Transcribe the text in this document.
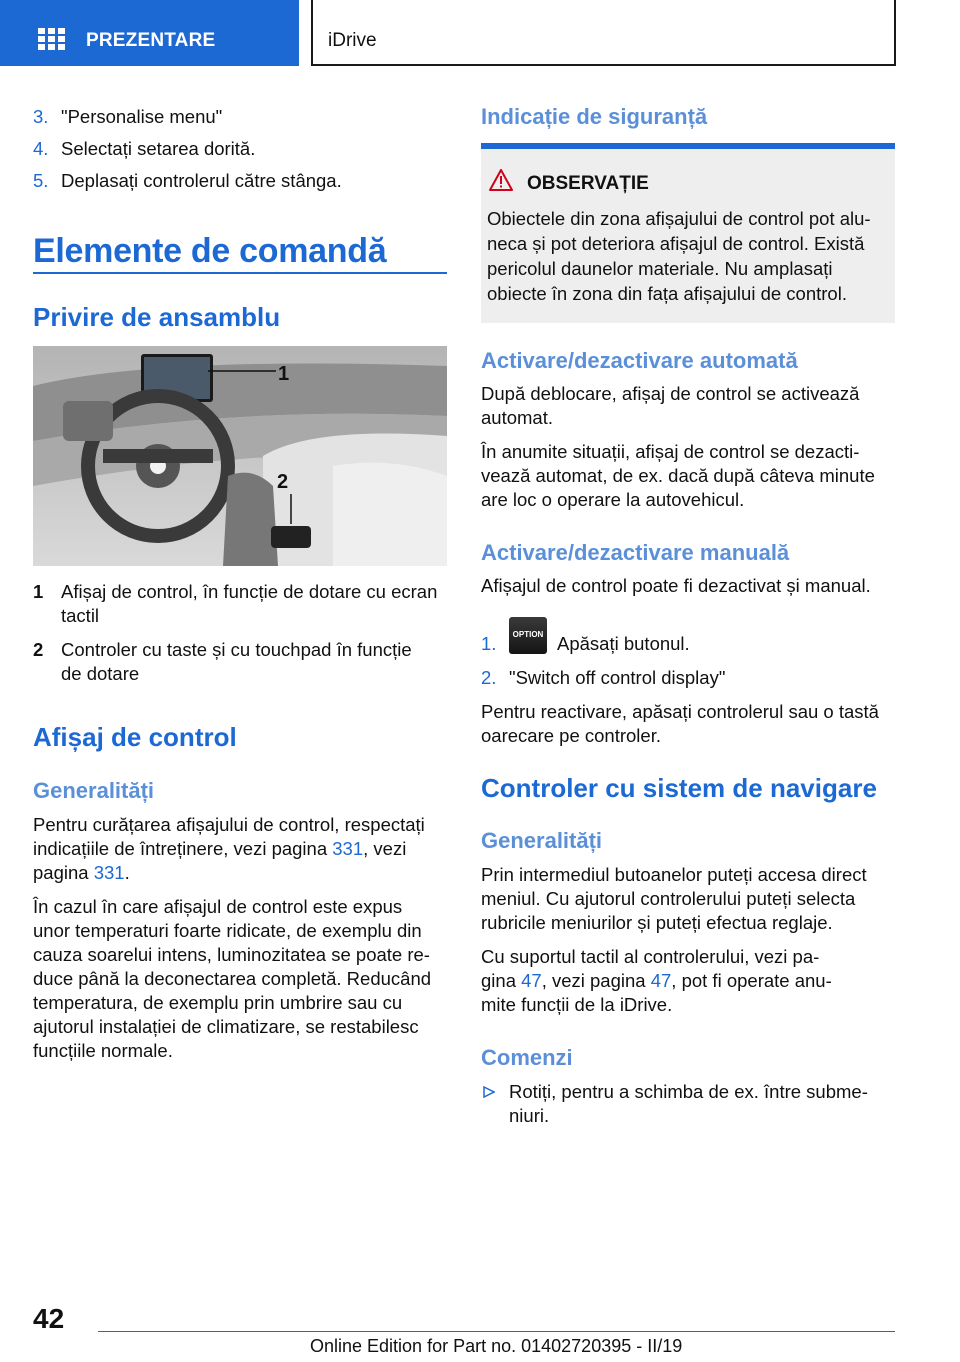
PREZENTARE	iDrive
3. "Personalise menu"
4. Selectați setarea dorită.
5. Deplasați controlerul către stânga.
Elemente de comandă
Privire de ansamblu
1
2
1 Afișaj de control, în funcție de dotare cu ecran
tactil
2 Controler cu taste și cu touchpad în funcție
de dotare
Afișaj de control
Generalități
Pentru curățarea afișajului de control, respectați
indicațiile de întreținere, vezi pagina 331, vezi
pagina 331.
În cazul în care afișajul de control este expus
unor temperaturi foarte ridicate, de exemplu din
cauza soarelui intens, luminozitatea se poate re-
duce până la deconectarea completă. Reducând
temperatura, de exemplu prin umbrire sau cu
ajutorul instalației de climatizare, se restabilesc
funcțiile normale.
Indicație de siguranță
OBSERVAȚIE
Obiectele din zona afișajului de control pot alu-
neca și pot deteriora afișajul de control. Există
pericolul daunelor materiale. Nu amplasați
obiecte în zona din fața afișajului de control.
Activare/dezactivare automată
După deblocare, afișaj de control se activează
automat.
În anumite situații, afișaj de control se dezacti-
vează automat, de ex. dacă după câteva minute
are loc o operare la autovehicul.
Activare/dezactivare manuală
Afișajul de control poate fi dezactivat și manual.
1.	OPTION Apăsați butonul.
2. "Switch off control display"
Pentru reactivare, apăsați controlerul sau o tastă
oarecare pe controler.
Controler cu sistem de navigare
Generalități
Prin intermediul butoanelor puteți accesa direct
meniul. Cu ajutorul controlerului puteți selecta
rubricile meniurilor și puteți efectua reglaje.
Cu suportul tactil al controlerului, vezi pa-
gina 47, vezi pagina 47, pot fi operate anu-
mite funcții de la iDrive.
Comenzi
Rotiți, pentru a schimba de ex. între subme-
niuri.
42
Online Edition for Part no. 01402720395 - II/19
